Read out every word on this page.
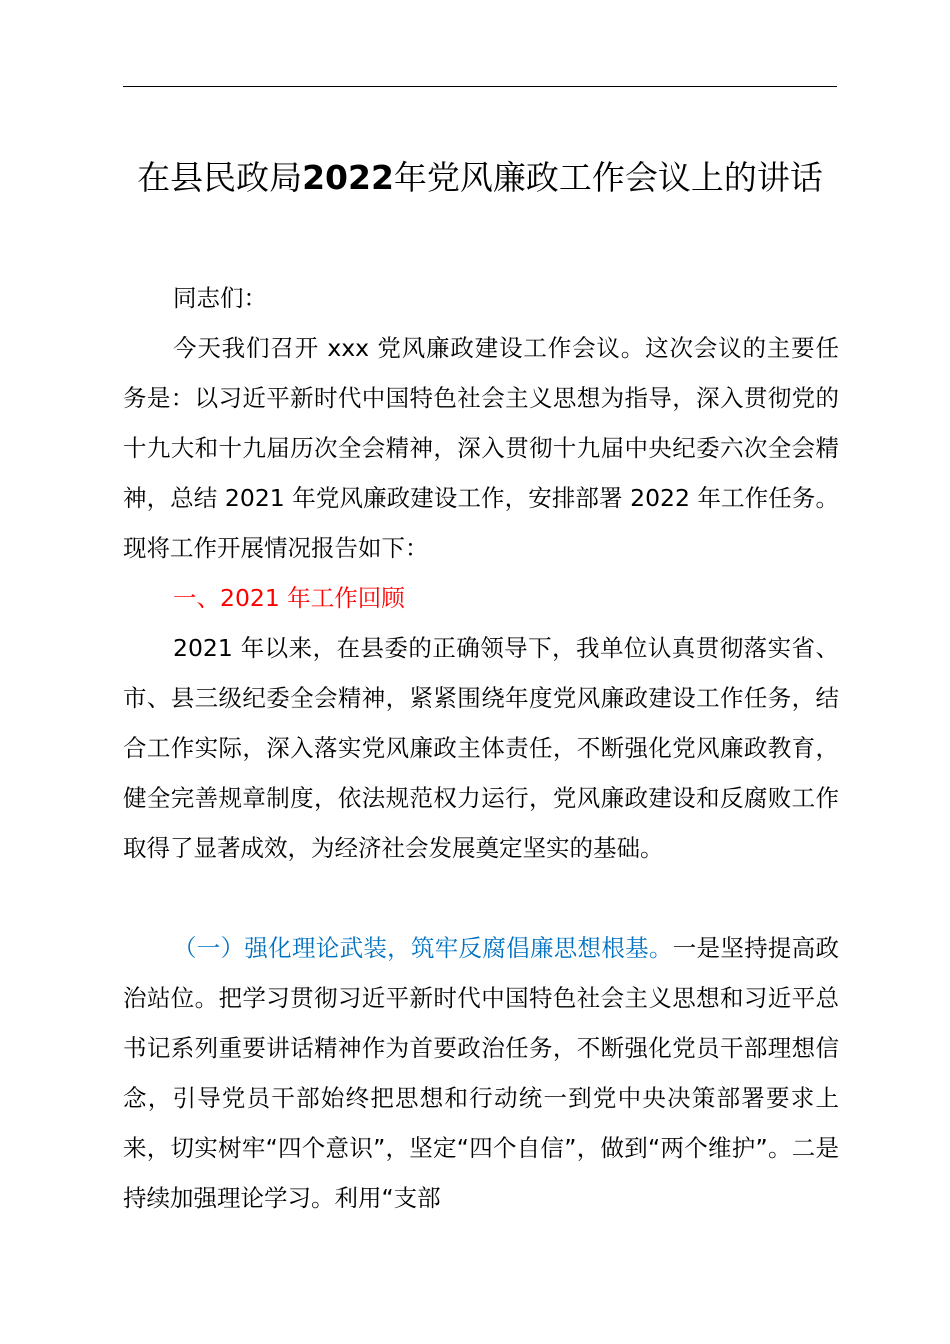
在县民政局2022年党风廉政工作会议上的讲话

同志们：

今天我们召开 xxx 党风廉政建设工作会议。这次会议的主要任务是：以习近平新时代中国特色社会主义思想为指导，深入贯彻党的十九大和十九届历次全会精神，深入贯彻十九届中央纪委六次全会精神，总结 2021 年党风廉政建设工作，安排部署 2022 年工作任务。现将工作开展情况报告如下：

一、2021 年工作回顾

2021 年以来，在县委的正确领导下，我单位认真贯彻落实省、市、县三级纪委全会精神，紧紧围绕年度党风廉政建设工作任务，结合工作实际，深入落实党风廉政主体责任，不断强化党风廉政教育，健全完善规章制度，依法规范权力运行，党风廉政建设和反腐败工作取得了显著成效，为经济社会发展奠定坚实的基础。

（一）强化理论武装，筑牢反腐倡廉思想根基。一是坚持提高政治站位。把学习贯彻习近平新时代中国特色社会主义思想和习近平总书记系列重要讲话精神作为首要政治任务，不断强化党员干部理想信念，引导党员干部始终把思想和行动统一到党中央决策部署要求上来，切实树牢“四个意识”，坚定“四个自信”，做到“两个维护”。二是持续加强理论学习。利用“支部
